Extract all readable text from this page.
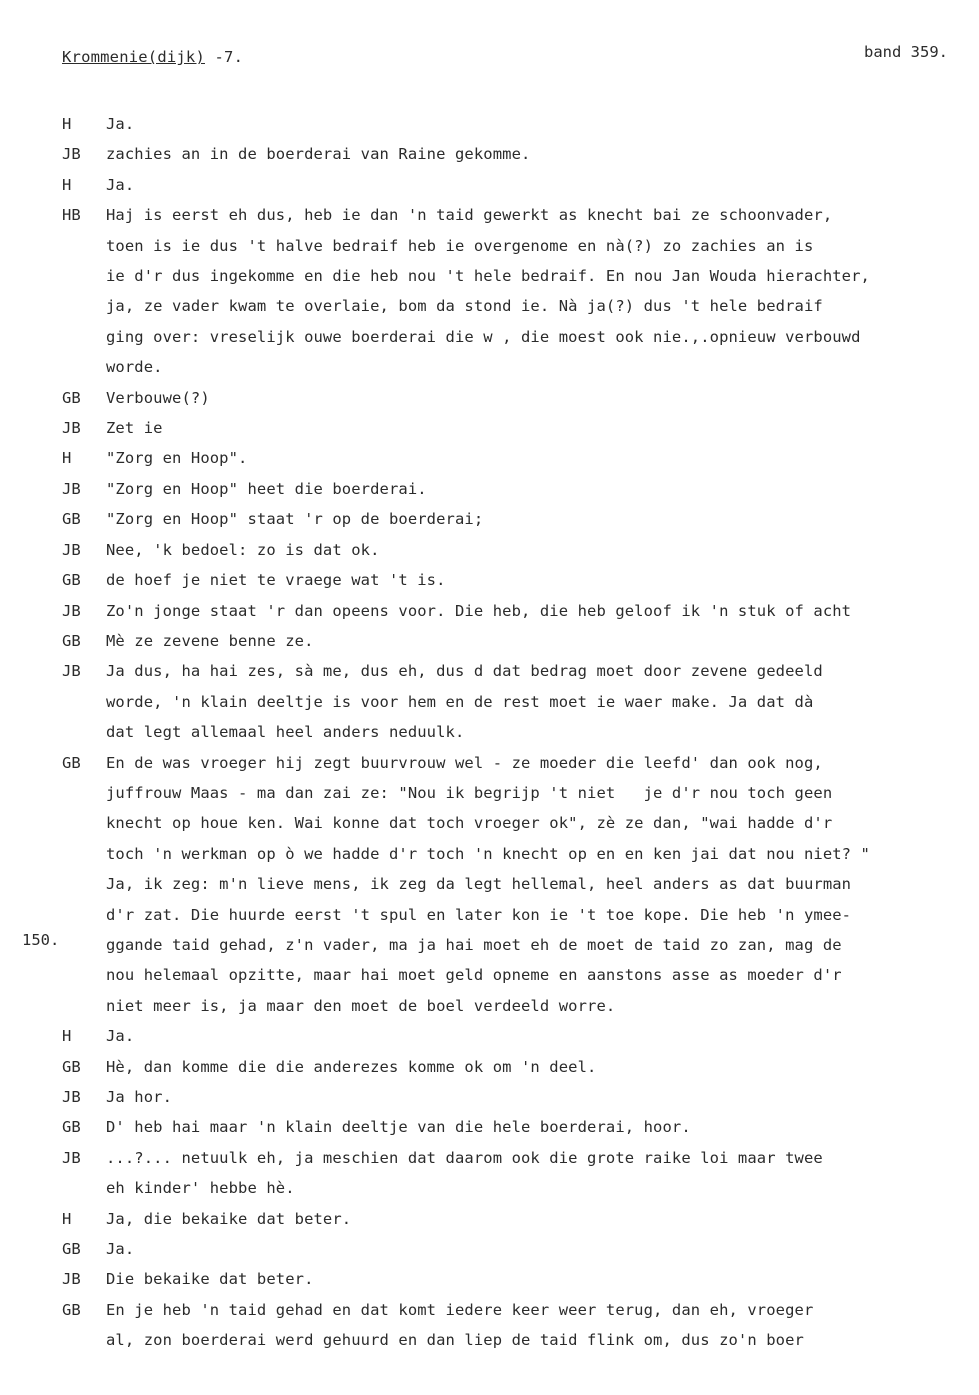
Krommenie(dijk) -7.	band 359.
150.
H	Ja.
JB	zachies an in de boerderai van Raine gekomme.
H	Ja.
HB	Haj is eerst eh dus, heb ie dan 'n taid gewerkt as knecht bai ze schoonvader,
toen is ie dus 't halve bedraif heb ie overgenome en nà(?) zo zachies an is
ie d'r dus ingekomme en die heb nou 't hele bedraif. En nou Jan Wouda hierachter,
ja, ze vader kwam te overlaie, bom da stond ie. Nà ja(?) dus 't hele bedraif
ging over: vreselijk ouwe boerderai die w , die moest ook nie.,.opnieuw verbouwd
worde.
GB	Verbouwe(?)
JB	Zet ie
H	"Zorg en Hoop".
JB	"Zorg en Hoop" heet die boerderai.
GB	"Zorg en Hoop" staat 'r op de boerderai;
JB	Nee, 'k bedoel: zo is dat ok.
GB	de hoef je niet te vraege wat 't is.
JB	Zo'n jonge staat 'r dan opeens voor. Die heb, die heb geloof ik 'n stuk of acht
GB	Mè ze zevene benne ze.
JB	Ja dus, ha hai zes, sà me, dus eh, dus d dat bedrag moet door zevene gedeeld
worde, 'n klain deeltje is voor hem en de rest moet ie waer make. Ja dat dà
dat legt allemaal heel anders neduulk.
GB	En de was vroeger hij zegt buurvrouw wel - ze moeder die leefd' dan ook nog,
juffrouw Maas - ma dan zai ze: "Nou ik begrijp 't niet   je d'r nou toch geen
knecht op houe ken. Wai konne dat toch vroeger ok", zè ze dan, "wai hadde d'r
toch 'n werkman op ò we hadde d'r toch 'n knecht op en en ken jai dat nou niet? "
Ja, ik zeg: m'n lieve mens, ik zeg da legt hellemal, heel anders as dat buurman
d'r zat. Die huurde eerst 't spul en later kon ie 't toe kope. Die heb 'n ymee-
ggande taid gehad, z'n vader, ma ja hai moet eh de moet de taid zo zan, mag de
nou helemaal opzitte, maar hai moet geld opneme en aanstons asse as moeder d'r
niet meer is, ja maar den moet de boel verdeeld worre.
H	Ja.
GB	Hè, dan komme die die anderezes komme ok om 'n deel.
JB	Ja hor.
GB	D' heb hai maar 'n klain deeltje van die hele boerderai, hoor.
JB	...?... netuulk eh, ja meschien dat daarom ook die grote raike loi maar twee
eh kinder' hebbe hè.
H	Ja, die bekaike dat beter.
GB	Ja.
JB	Die bekaike dat beter.
GB	En je heb 'n taid gehad en dat komt iedere keer weer terug, dan eh, vroeger
al, zon boerderai werd gehuurd en dan liep de taid flink om, dus zo'n boer
